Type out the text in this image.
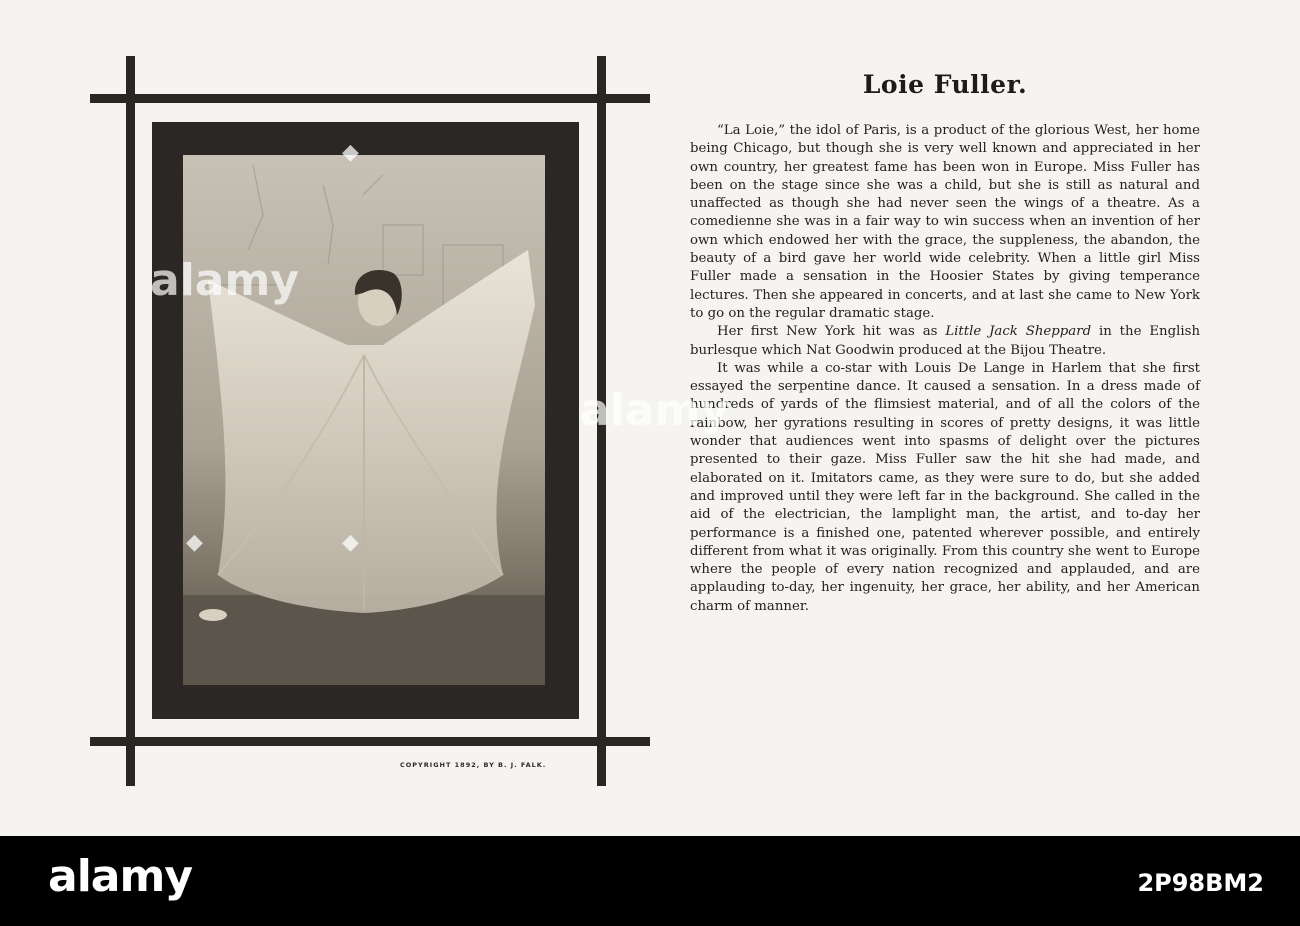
COPYRIGHT 1892, BY B. J. FALK.
Loie Fuller.

“La Loie,” the idol of Paris, is a product of the glorious West, her home being Chicago, but though she is very well known and appreciated in her own country, her greatest fame has been won in Europe. Miss Fuller has been on the stage since she was a child, but she is still as natural and unaffected as though she had never seen the wings of a theatre. As a comedienne she was in a fair way to win success when an invention of her own which endowed her with the grace, the suppleness, the abandon, the beauty of a bird gave her world wide celebrity. When a little girl Miss Fuller made a sensation in the Hoosier States by giving temperance lectures. Then she appeared in concerts, and at last she came to New York to go on the regular dramatic stage.

Her first New York hit was as Little Jack Sheppard in the English burlesque which Nat Goodwin produced at the Bijou Theatre.

It was while a co-star with Louis De Lange in Harlem that she first essayed the serpentine dance. It caused a sensation. In a dress made of hundreds of yards of the flimsiest material, and of all the colors of the rainbow, her gyrations resulting in scores of pretty designs, it was little wonder that audiences went into spasms of delight over the pictures presented to their gaze. Miss Fuller saw the hit she had made, and elaborated on it. Imitators came, as they were sure to do, but she added and improved until they were left far in the background. She called in the aid of the electrician, the lamplight man, the artist, and to-day her performance is a finished one, patented wherever possible, and entirely different from what it was originally. From this country she went to Europe where the people of every nation recognized and applauded, and are applauding to-day, her ingenuity, her grace, her ability, and her American charm of manner.

alamy
alamy
◆
◆
◆
alamy	2P98BM2
